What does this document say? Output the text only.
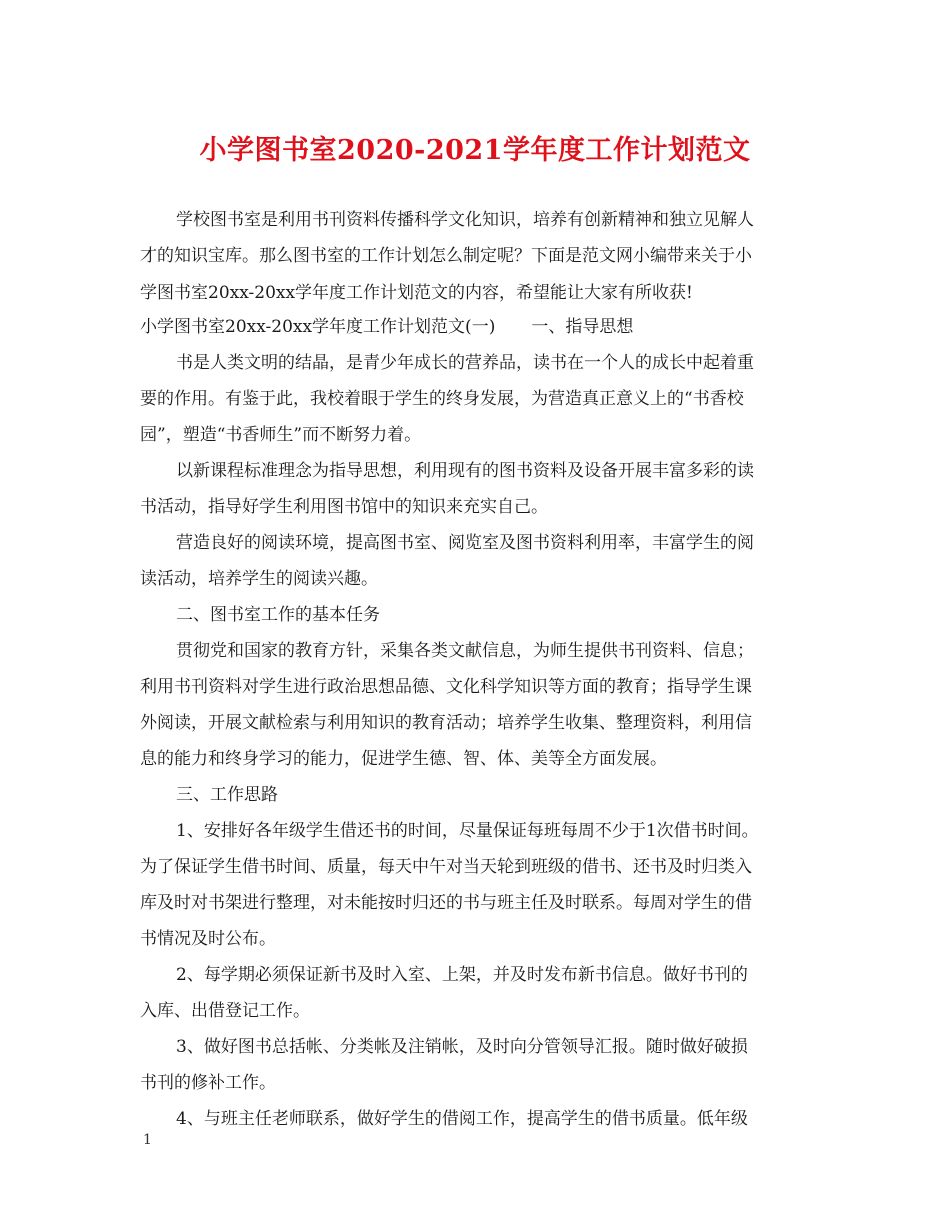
小学图书室2020-2021学年度工作计划范文
学校图书室是利用书刊资料传播科学文化知识，培养有创新精神和独立见解人
才的知识宝库。那么图书室的工作计划怎么制定呢？下面是范文网小编带来关于小
学图书室20xx-20xx学年度工作计划范文的内容，希望能让大家有所收获!
小学图书室20xx-20xx学年度工作计划范文(一) 一、指导思想
书是人类文明的结晶，是青少年成长的营养品，读书在一个人的成长中起着重
要的作用。有鉴于此，我校着眼于学生的终身发展，为营造真正意义上的“书香校
园”，塑造“书香师生”而不断努力着。
以新课程标准理念为指导思想，利用现有的图书资料及设备开展丰富多彩的读
书活动，指导好学生利用图书馆中的知识来充实自己。
营造良好的阅读环境，提高图书室、阅览室及图书资料利用率，丰富学生的阅
读活动，培养学生的阅读兴趣。
二、图书室工作的基本任务
贯彻党和国家的教育方针，采集各类文献信息，为师生提供书刊资料、信息；
利用书刊资料对学生进行政治思想品德、文化科学知识等方面的教育；指导学生课
外阅读，开展文献检索与利用知识的教育活动；培养学生收集、整理资料，利用信
息的能力和终身学习的能力，促进学生德、智、体、美等全方面发展。
三、工作思路
1、安排好各年级学生借还书的时间，尽量保证每班每周不少于1次借书时间。
为了保证学生借书时间、质量，每天中午对当天轮到班级的借书、还书及时归类入
库及时对书架进行整理，对未能按时归还的书与班主任及时联系。每周对学生的借
书情况及时公布。
2、每学期必须保证新书及时入室、上架，并及时发布新书信息。做好书刊的
入库、出借登记工作。
3、做好图书总括帐、分类帐及注销帐，及时向分管领导汇报。随时做好破损
书刊的修补工作。
4、与班主任老师联系，做好学生的借阅工作，提高学生的借书质量。低年级
1
